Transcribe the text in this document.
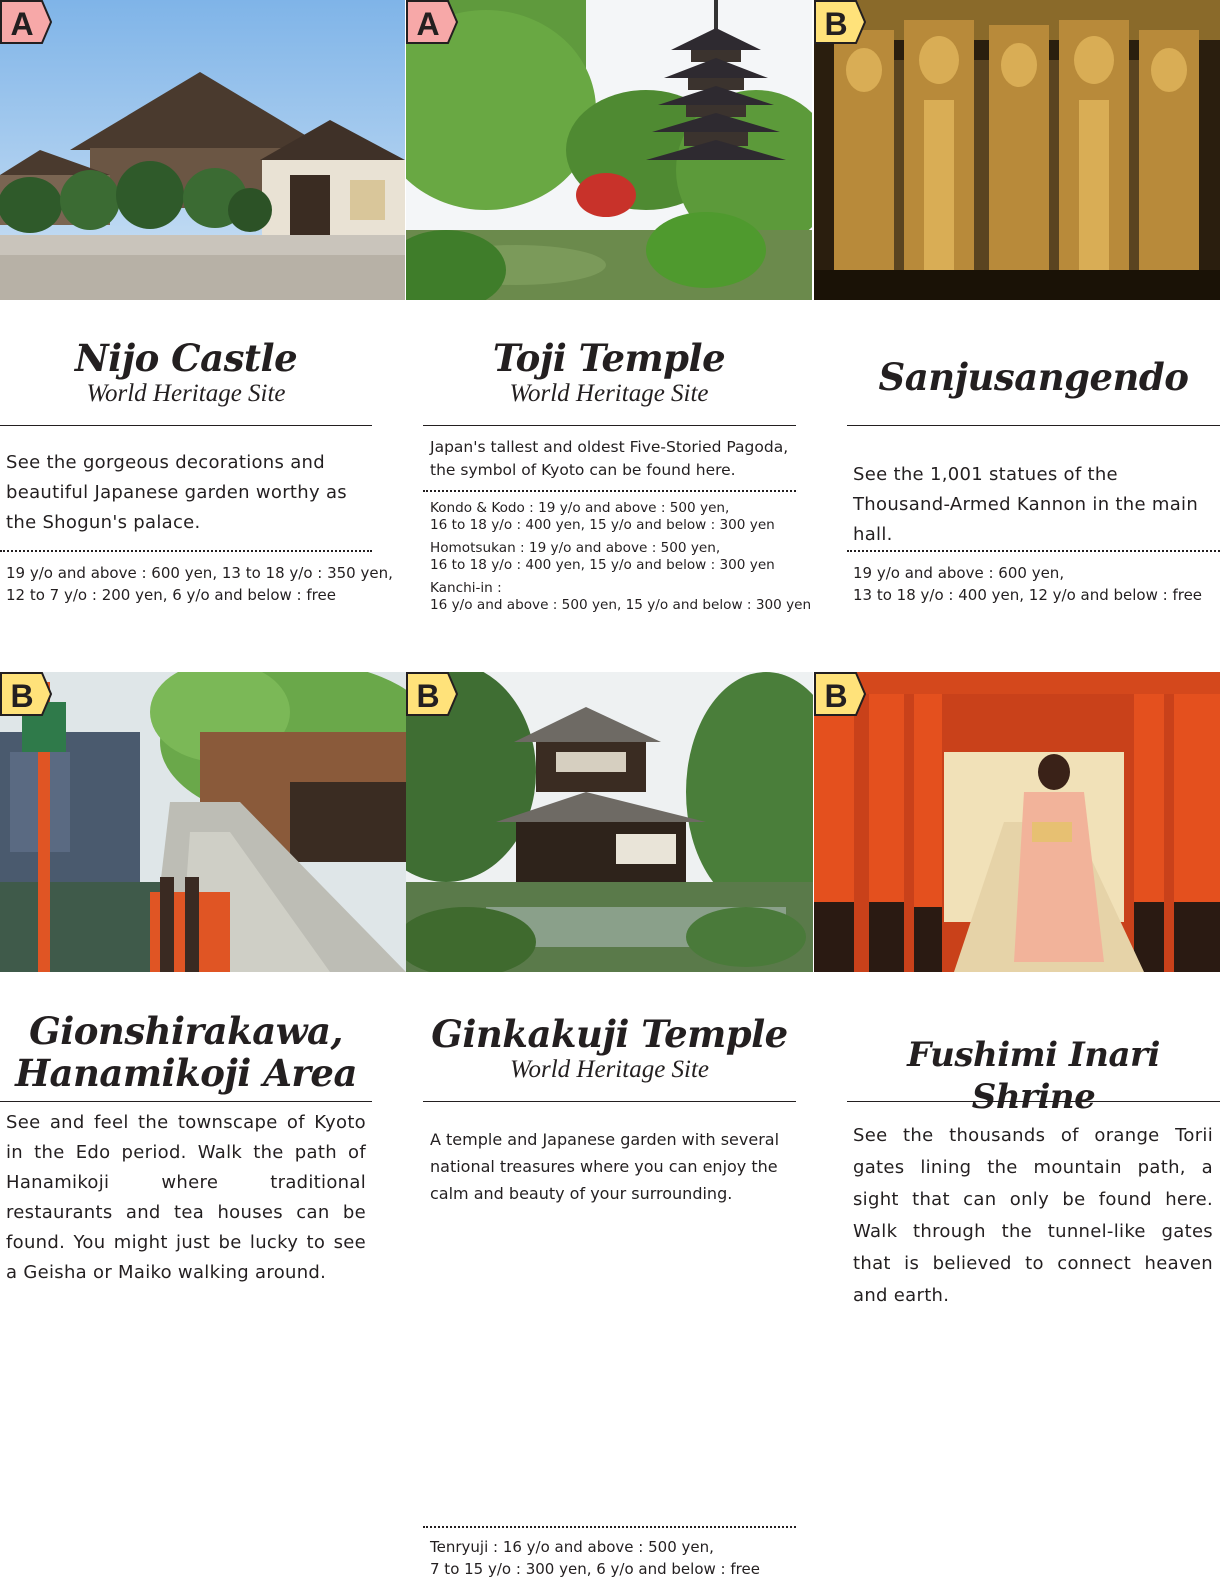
A
Nijo Castle
World Heritage Site
See the gorgeous decorations and beautiful Japanese garden worthy as the Shogun's palace.
19 y/o and above : 600 yen, 13 to 18 y/o : 350 yen,
12 to 7 y/o : 200 yen, 6 y/o and below : free
A
Toji Temple
World Heritage Site
Japan's tallest and oldest Five-Storied Pagoda, the symbol of Kyoto can be found here.
Kondo & Kodo : 19 y/o and above : 500 yen,
16 to 18 y/o : 400 yen, 15 y/o and below : 300 yen
Homotsukan : 19 y/o and above : 500 yen,
16 to 18 y/o : 400 yen, 15 y/o and below : 300 yen
Kanchi-in :
16 y/o and above : 500 yen, 15 y/o and below : 300 yen
B
Sanjusangendo
See the 1,001 statues of the Thousand-Armed Kannon in the main hall.
19 y/o and above : 600 yen,
13 to 18 y/o : 400 yen, 12 y/o and below : free
B
Gionshirakawa,
Hanamikoji Area
See and feel the townscape of Kyoto in the Edo period. Walk the path of Hanamikoji where traditional restaurants and tea houses can be found. You might just be lucky to see a Geisha or Maiko walking around.
B
Ginkakuji Temple
World Heritage Site
A temple and Japanese garden with several national treasures where you can enjoy the calm and beauty of your surrounding.
Tenryuji : 16 y/o and above : 500 yen,
7 to 15 y/o : 300 yen, 6 y/o and below : free
B
Fushimi Inari Shrine
See the thousands of orange Torii gates lining the mountain path, a sight that can only be found here. Walk through the tunnel-like gates that is believed to connect heaven and earth.
